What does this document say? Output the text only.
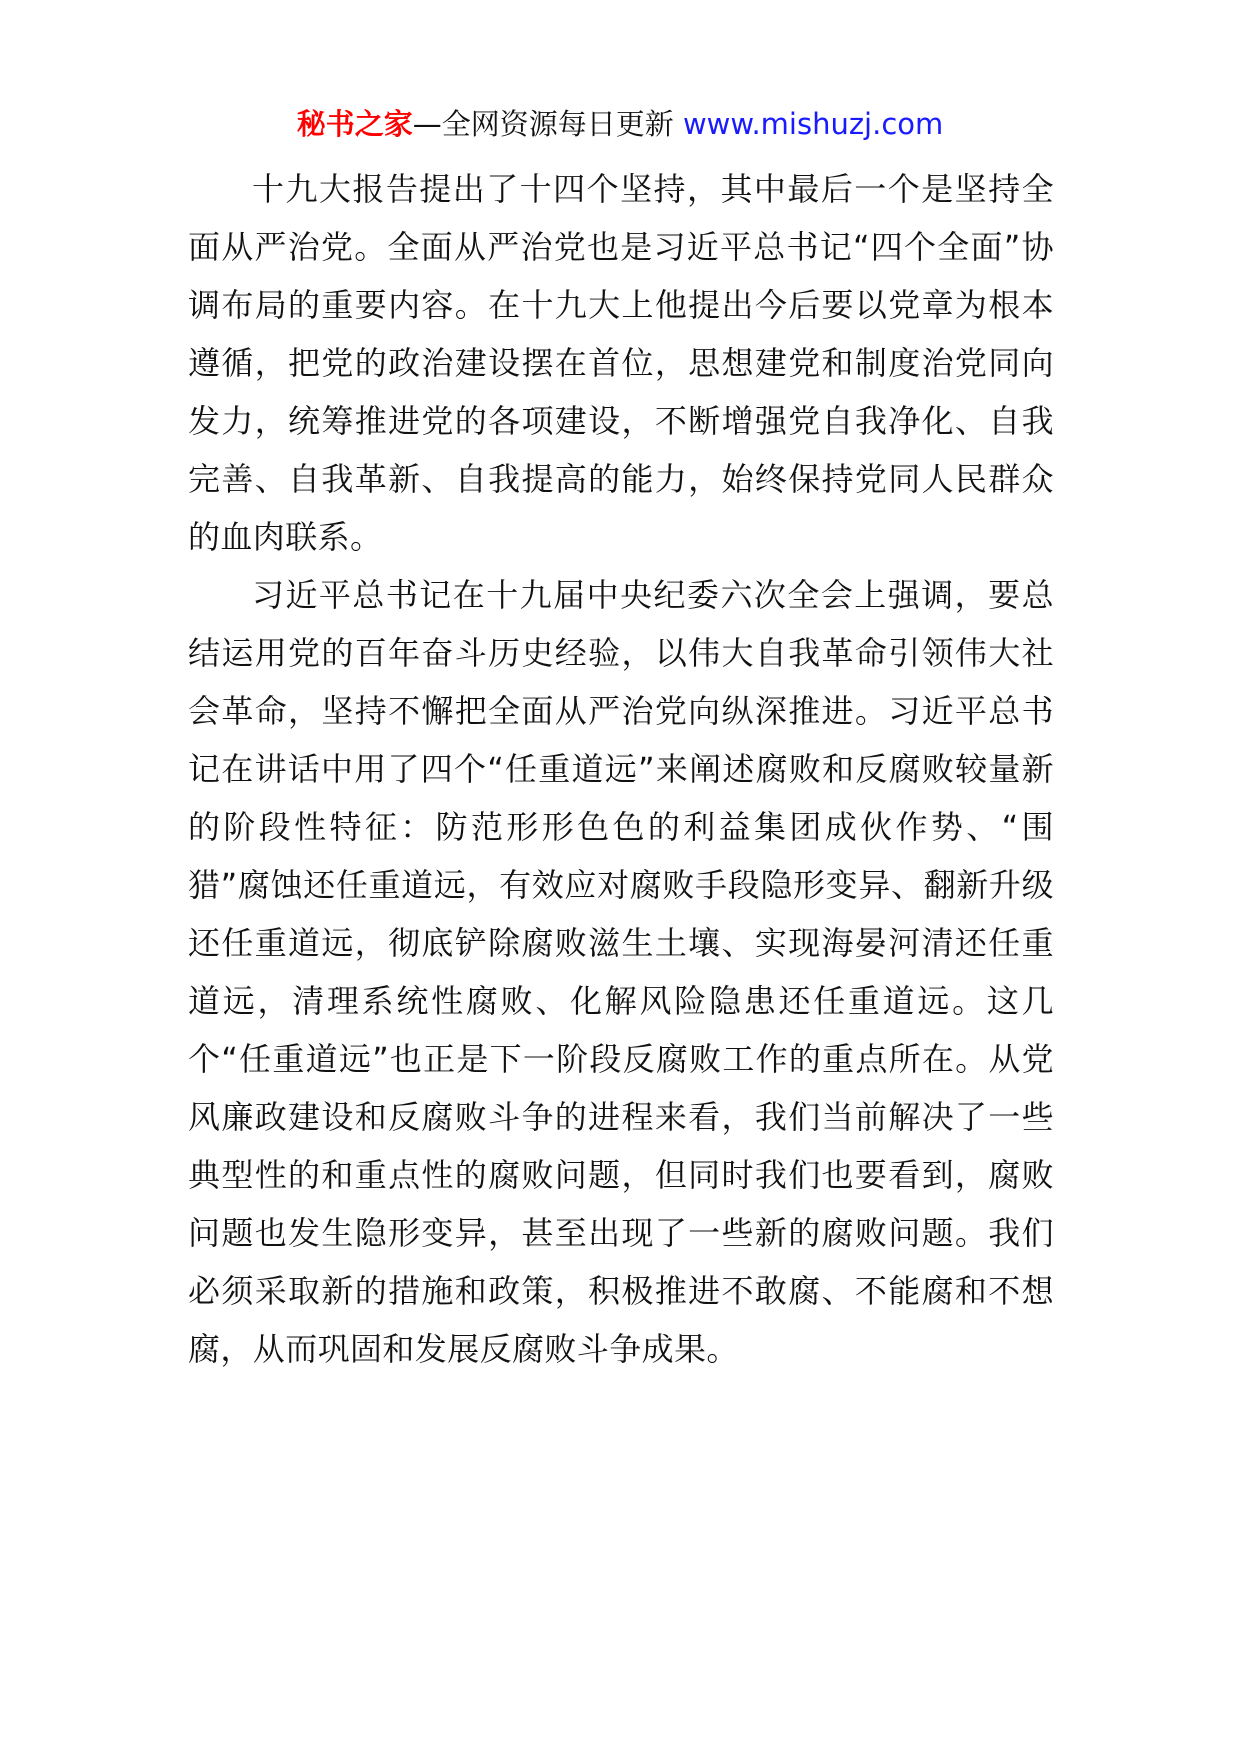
秘书之家—全网资源每日更新 www.mishuzj.com

十九大报告提出了十四个坚持，其中最后一个是坚持全面从严治党。全面从严治党也是习近平总书记“四个全面”协调布局的重要内容。在十九大上他提出今后要以党章为根本遵循，把党的政治建设摆在首位，思想建党和制度治党同向发力，统筹推进党的各项建设，不断增强党自我净化、自我完善、自我革新、自我提高的能力，始终保持党同人民群众的血肉联系。

习近平总书记在十九届中央纪委六次全会上强调，要总结运用党的百年奋斗历史经验，以伟大自我革命引领伟大社会革命，坚持不懈把全面从严治党向纵深推进。习近平总书记在讲话中用了四个“任重道远”来阐述腐败和反腐败较量新的阶段性特征：防范形形色色的利益集团成伙作势、“围猎”腐蚀还任重道远，有效应对腐败手段隐形变异、翻新升级还任重道远，彻底铲除腐败滋生土壤、实现海晏河清还任重道远，清理系统性腐败、化解风险隐患还任重道远。这几个“任重道远”也正是下一阶段反腐败工作的重点所在。从党风廉政建设和反腐败斗争的进程来看，我们当前解决了一些典型性的和重点性的腐败问题，但同时我们也要看到，腐败问题也发生隐形变异，甚至出现了一些新的腐败问题。我们必须采取新的措施和政策，积极推进不敢腐、不能腐和不想腐，从而巩固和发展反腐败斗争成果。
